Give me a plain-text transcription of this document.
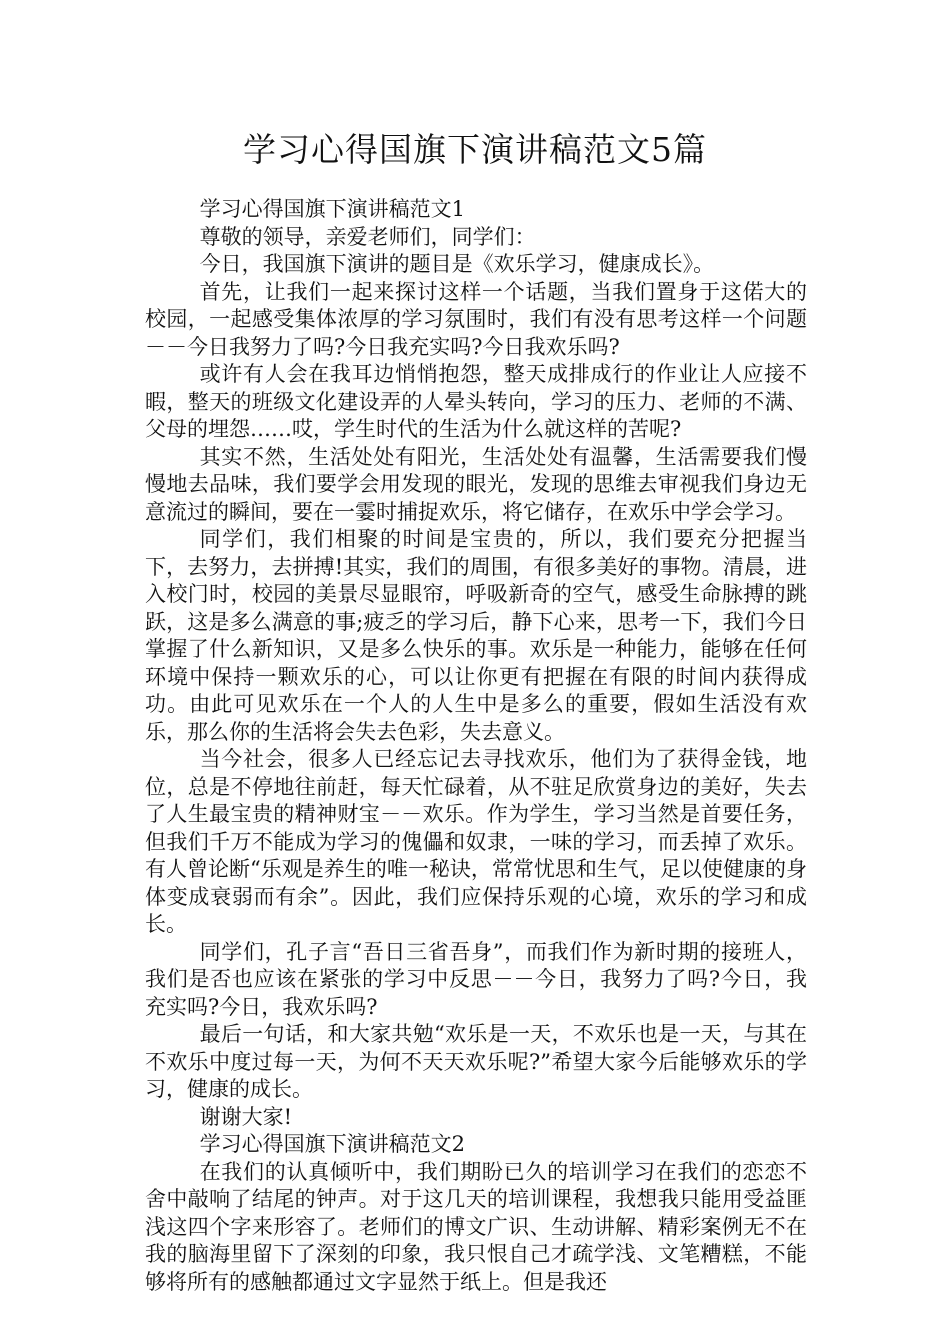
学习心得国旗下演讲稿范文5篇

学习心得国旗下演讲稿范文1

尊敬的领导，亲爱老师们，同学们：

今日，我国旗下演讲的题目是《欢乐学习，健康成长》。

首先，让我们一起来探讨这样一个话题，当我们置身于这偌大的校园，一起感受集体浓厚的学习氛围时，我们有没有思考这样一个问题－－今日我努力了吗?今日我充实吗?今日我欢乐吗?

或许有人会在我耳边悄悄抱怨，整天成排成行的作业让人应接不暇，整天的班级文化建设弄的人晕头转向，学习的压力、老师的不满、父母的埋怨……哎，学生时代的生活为什么就这样的苦呢?

其实不然，生活处处有阳光，生活处处有温馨，生活需要我们慢慢地去品味，我们要学会用发现的眼光，发现的思维去审视我们身边无意流过的瞬间，要在一霎时捕捉欢乐，将它储存，在欢乐中学会学习。

同学们，我们相聚的时间是宝贵的，所以，我们要充分把握当下，去努力，去拼搏!其实，我们的周围，有很多美好的事物。清晨，进入校门时，校园的美景尽显眼帘，呼吸新奇的空气，感受生命脉搏的跳跃，这是多么满意的事;疲乏的学习后，静下心来，思考一下，我们今日掌握了什么新知识，又是多么快乐的事。欢乐是一种能力，能够在任何环境中保持一颗欢乐的心，可以让你更有把握在有限的时间内获得成功。由此可见欢乐在一个人的人生中是多么的重要，假如生活没有欢乐，那么你的生活将会失去色彩，失去意义。

当今社会，很多人已经忘记去寻找欢乐，他们为了获得金钱，地位，总是不停地往前赶，每天忙碌着，从不驻足欣赏身边的美好，失去了人生最宝贵的精神财宝－－欢乐。作为学生，学习当然是首要任务，但我们千万不能成为学习的傀儡和奴隶，一味的学习，而丢掉了欢乐。有人曾论断“乐观是养生的唯一秘诀，常常忧思和生气，足以使健康的身体变成衰弱而有余”。因此，我们应保持乐观的心境，欢乐的学习和成长。

同学们，孔子言“吾日三省吾身”，而我们作为新时期的接班人，我们是否也应该在紧张的学习中反思－－今日，我努力了吗?今日，我充实吗?今日，我欢乐吗?

最后一句话，和大家共勉“欢乐是一天，不欢乐也是一天，与其在不欢乐中度过每一天，为何不天天欢乐呢?”希望大家今后能够欢乐的学习，健康的成长。

谢谢大家!

学习心得国旗下演讲稿范文2

在我们的认真倾听中，我们期盼已久的培训学习在我们的恋恋不舍中敲响了结尾的钟声。对于这几天的培训课程，我想我只能用受益匪浅这四个字来形容了。老师们的博文广识、生动讲解、精彩案例无不在我的脑海里留下了深刻的印象，我只恨自己才疏学浅、文笔糟糕，不能够将所有的感触都通过文字显然于纸上。但是我还
